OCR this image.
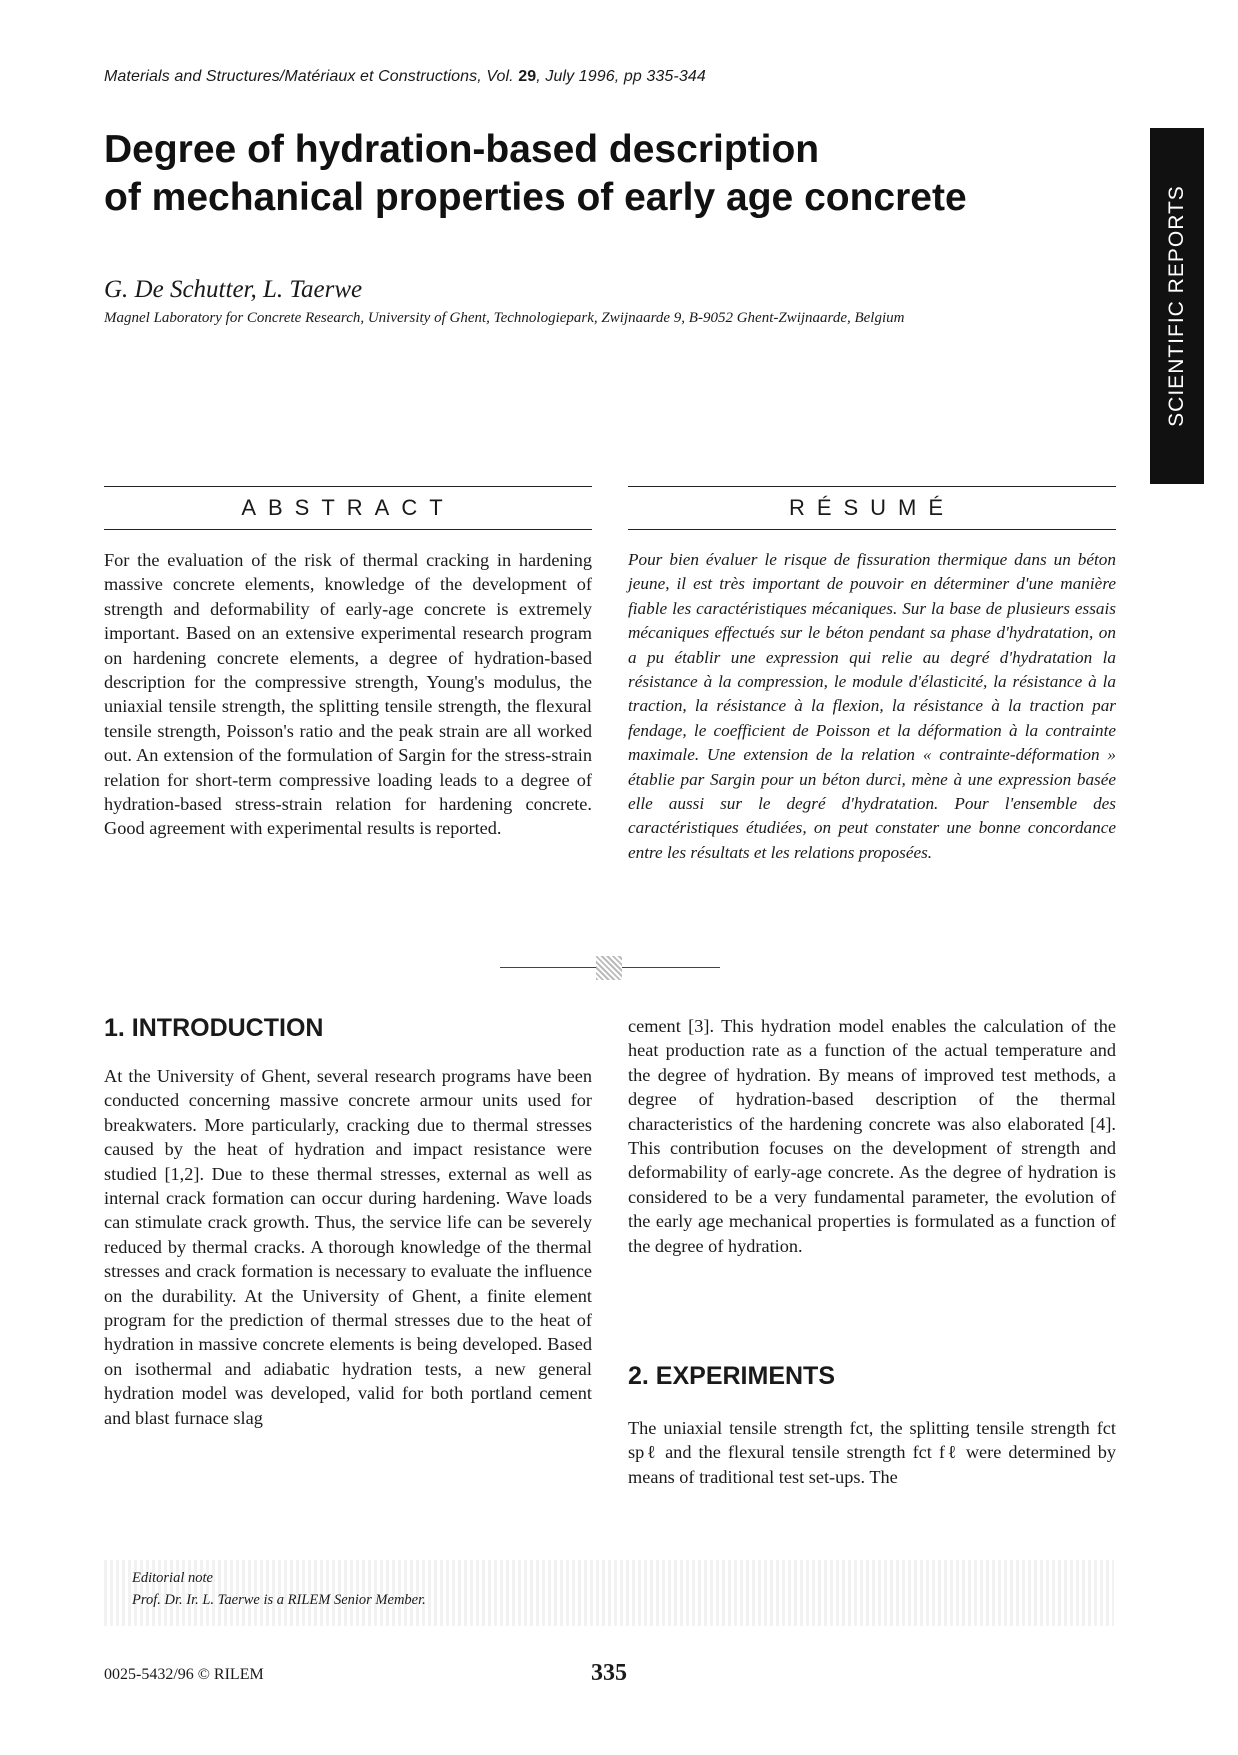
Materials and Structures/Matériaux et Constructions, Vol. 29, July 1996, pp 335-344
Degree of hydration-based description
of mechanical properties of early age concrete
G. De Schutter, L. Taerwe
Magnel Laboratory for Concrete Research, University of Ghent, Technologiepark, Zwijnaarde 9, B-9052 Ghent-Zwijnaarde, Belgium	SCIENTIFIC REPORTS
ABSTRACT	RÉSUMÉ
For the evaluation of the risk of thermal cracking in hardening massive concrete elements, knowledge of the development of strength and deformability of early-age concrete is extremely important. Based on an extensive experimental research program on hardening concrete elements, a degree of hydration-based description for the compressive strength, Young's modulus, the uniaxial tensile strength, the splitting tensile strength, the flexural tensile strength, Poisson's ratio and the peak strain are all worked out. An extension of the formulation of Sargin for the stress-strain relation for short-term compressive loading leads to a degree of hydration-based stress-strain relation for hardening concrete. Good agreement with experimental results is reported.
Pour bien évaluer le risque de fissuration thermique dans un béton jeune, il est très important de pouvoir en déterminer d'une manière fiable les caractéristiques mécaniques. Sur la base de plusieurs essais mécaniques effectués sur le béton pendant sa phase d'hydratation, on a pu établir une expression qui relie au degré d'hydratation la résistance à la compression, le module d'élasticité, la résistance à la traction, la résistance à la flexion, la résistance à la traction par fendage, le coefficient de Poisson et la déformation à la contrainte maximale. Une extension de la relation « contrainte-déformation » établie par Sargin pour un béton durci, mène à une expression basée elle aussi sur le degré d'hydratation. Pour l'ensemble des caractéristiques étudiées, on peut constater une bonne concordance entre les résultats et les relations proposées.
1. INTRODUCTION
At the University of Ghent, several research programs have been conducted concerning massive concrete armour units used for breakwaters. More particularly, cracking due to thermal stresses caused by the heat of hydration and impact resistance were studied [1,2]. Due to these thermal stresses, external as well as internal crack formation can occur during hardening. Wave loads can stimulate crack growth. Thus, the service life can be severely reduced by thermal cracks. A thorough knowledge of the thermal stresses and crack formation is necessary to evaluate the influence on the durability. At the University of Ghent, a finite element program for the prediction of thermal stresses due to the heat of hydration in massive concrete elements is being developed. Based on isothermal and adiabatic hydration tests, a new general hydration model was developed, valid for both portland cement and blast furnace slag
cement [3]. This hydration model enables the calculation of the heat production rate as a function of the actual temperature and the degree of hydration. By means of improved test methods, a degree of hydration-based description of the thermal characteristics of the hardening concrete was also elaborated [4]. This contribution focuses on the development of strength and deformability of early-age concrete. As the degree of hydration is considered to be a very fundamental parameter, the evolution of the early age mechanical properties is formulated as a function of the degree of hydration.
2. EXPERIMENTS
The uniaxial tensile strength fct, the splitting tensile strength fct spℓ and the flexural tensile strength fct fℓ were determined by means of traditional test set-ups. The
Editorial note
Prof. Dr. Ir. L. Taerwe is a RILEM Senior Member.
0025-5432/96 © RILEM	335
